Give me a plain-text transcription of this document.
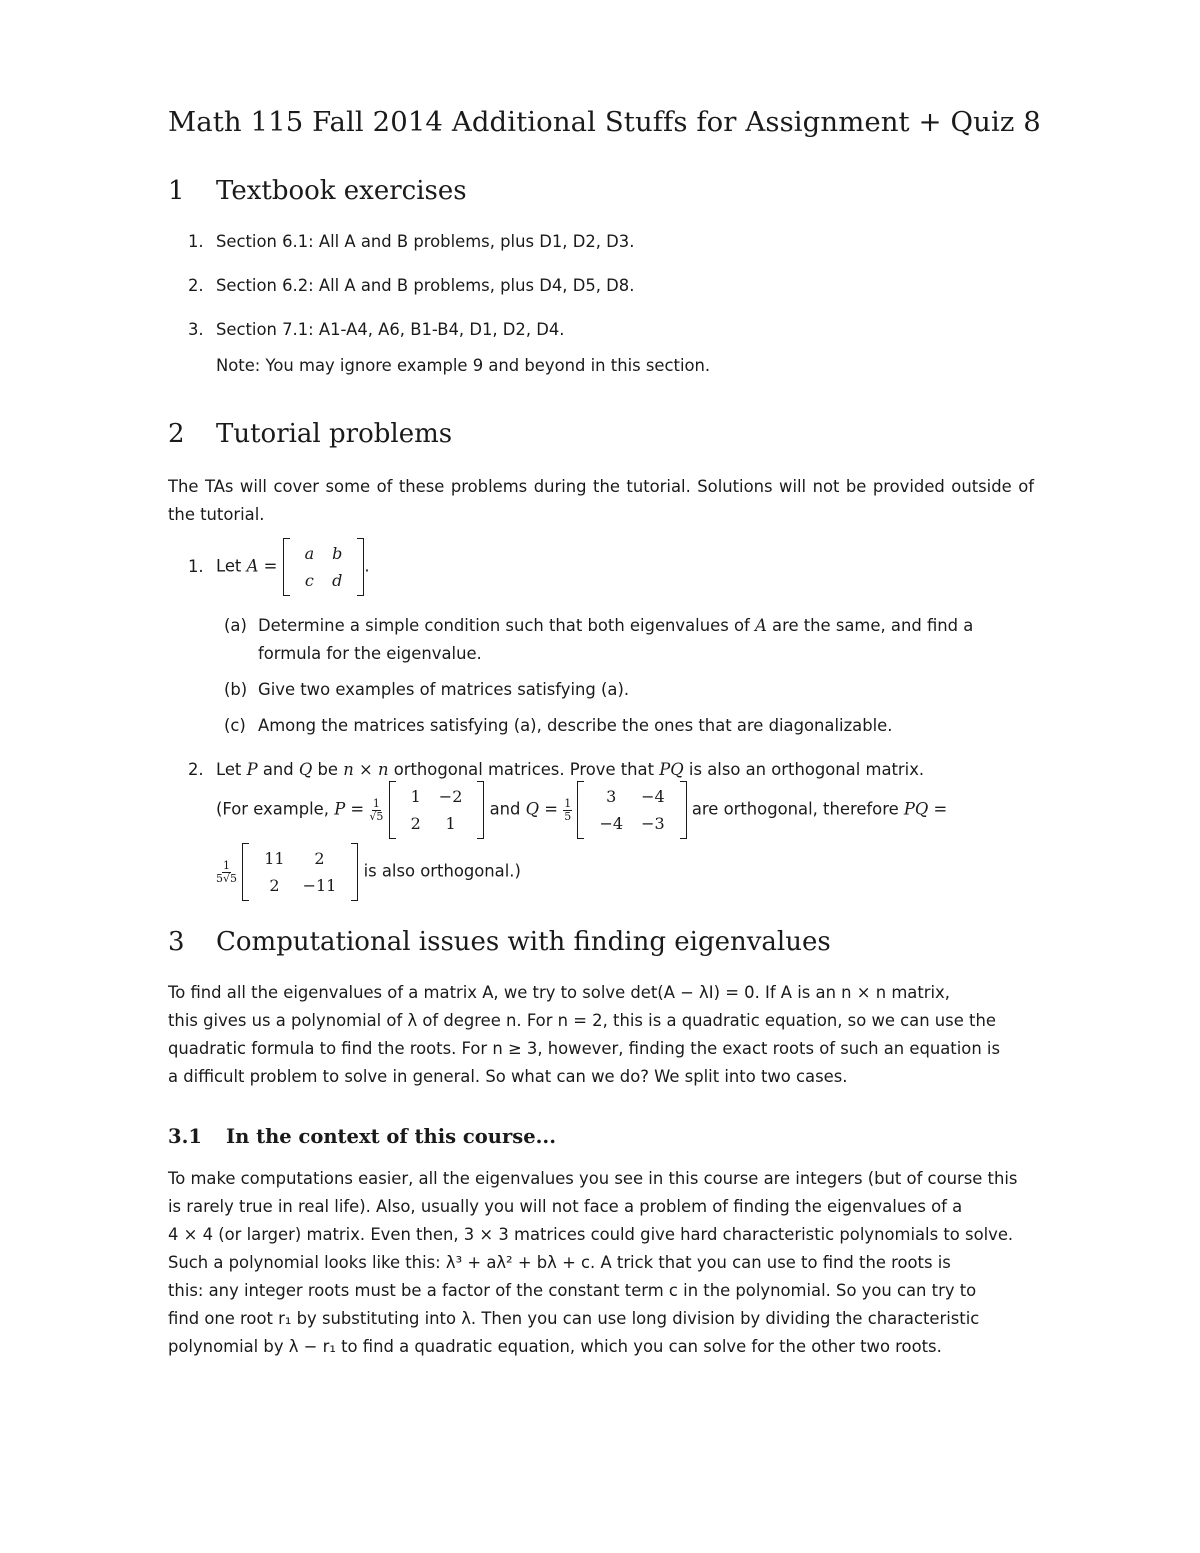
Math 115 Fall 2014 Additional Stuffs for Assignment + Quiz 8
1 Textbook exercises
1. Section 6.1: All A and B problems, plus D1, D2, D3.
2. Section 6.2: All A and B problems, plus D4, D5, D8.
3. Section 7.1: A1-A4, A6, B1-B4, D1, D2, D4.
Note: You may ignore example 9 and beyond in this section.
2 Tutorial problems
The TAs will cover some of these problems during the tutorial. Solutions will not be provided outside of the tutorial.
1. Let A =
a	b
c	d
.
(a) Determine a simple condition such that both eigenvalues of A are the same, and find a
formula for the eigenvalue.
(b) Give two examples of matrices satisfying (a).
(c) Among the matrices satisfying (a), describe the ones that are diagonalizable.
2. Let P and Q be n × n orthogonal matrices. Prove that PQ is also an orthogonal matrix.
(For example, $P = \frac{1}{√5}$

1	−2
2	1
and $Q = \frac{1}{5}$

3	−4
−4	−3
are orthogonal, therefore PQ =
$\frac{1}{5√5}$

11	2
2	−11
is also orthogonal.)
3 Computational issues with finding eigenvalues
To find all the eigenvalues of a matrix A, we try to solve det(A − λI) = 0. If A is an n × n matrix,
this gives us a polynomial of λ of degree n. For n = 2, this is a quadratic equation, so we can use the
quadratic formula to find the roots. For n ≥ 3, however, finding the exact roots of such an equation is
a difficult problem to solve in general. So what can we do? We split into two cases.
3.1 In the context of this course...
To make computations easier, all the eigenvalues you see in this course are integers (but of course this
is rarely true in real life). Also, usually you will not face a problem of finding the eigenvalues of a
4 × 4 (or larger) matrix. Even then, 3 × 3 matrices could give hard characteristic polynomials to solve.
Such a polynomial looks like this: λ³ + aλ² + bλ + c. A trick that you can use to find the roots is
this: any integer roots must be a factor of the constant term c in the polynomial. So you can try to
find one root r₁ by substituting into λ. Then you can use long division by dividing the characteristic
polynomial by λ − r₁ to find a quadratic equation, which you can solve for the other two roots.
